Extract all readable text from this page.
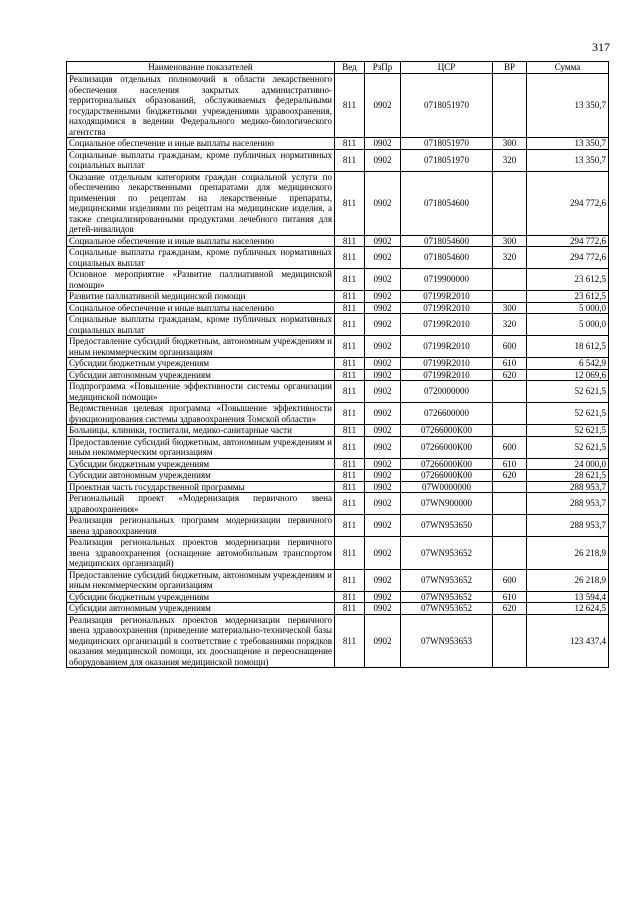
317
Наименование показателей	Вед	РзПр	ЦСР	ВР	Сумма
Реализация отдельных полномочий в области лекарственного обеспечения населения закрытых административно-территориальных образований, обслуживаемых федеральными государственными бюджетными учреждениями здравоохранения, находящимися в ведении Федерального медико-биологического агентства	811	0902	0718051970		13 350,7
Социальное обеспечение и иные выплаты населению	811	0902	0718051970	300	13 350,7
Социальные выплаты гражданам, кроме публичных нормативных социальных выплат	811	0902	0718051970	320	13 350,7
Оказание отдельным категориям граждан социальной услуги по обеспечению лекарственными препаратами для медицинского применения по рецептам на лекарственные препараты, медицинскими изделиями по рецептам на медицинские изделия, а также специализированными продуктами лечебного питания для детей-инвалидов	811	0902	0718054600		294 772,6
Социальное обеспечение и иные выплаты населению	811	0902	0718054600	300	294 772,6
Социальные выплаты гражданам, кроме публичных нормативных социальных выплат	811	0902	0718054600	320	294 772,6
Основное мероприятие «Развитие паллиативной медицинской помощи»	811	0902	0719900000		23 612,5
Развитие паллиативной медицинской помощи	811	0902	07199R2010		23 612,5
Социальное обеспечение и иные выплаты населению	811	0902	07199R2010	300	5 000,0
Социальные выплаты гражданам, кроме публичных нормативных социальных выплат	811	0902	07199R2010	320	5 000,0
Предоставление субсидий бюджетным, автономным учреждениям и иным некоммерческим организациям	811	0902	07199R2010	600	18 612,5
Субсидии бюджетным учреждениям	811	0902	07199R2010	610	6 542,9
Субсидии автономным учреждениям	811	0902	07199R2010	620	12 069,6
Подпрограмма «Повышение эффективности системы организации медицинской помощи»	811	0902	0720000000		52 621,5
Ведомственная целевая программа «Повышение эффективности функционирования системы здравоохранения Томской области»	811	0902	0726600000		52 621,5
Больницы, клиники, госпитали, медико-санитарные части	811	0902	07266000К00		52 621,5
Предоставление субсидий бюджетным, автономным учреждениям и иным некоммерческим организациям	811	0902	07266000К00	600	52 621,5
Субсидии бюджетным учреждениям	811	0902	07266000К00	610	24 000,0
Субсидии автономным учреждениям	811	0902	07266000К00	620	28 621,5
Проектная часть государственной программы	811	0902	07W0000000		288 953,7
Региональный проект «Модернизация первичного звена здравоохранения»	811	0902	07WN900000		288 953,7
Реализация региональных программ модернизации первичного звена здравоохранения	811	0902	07WN953650		288 953,7
Реализация региональных проектов модернизации первичного звена здравоохранения (оснащение автомобильным транспортом медицинских организаций)	811	0902	07WN953652		26 218,9
Предоставление субсидий бюджетным, автономным учреждениям и иным некоммерческим организациям	811	0902	07WN953652	600	26 218,9
Субсидии бюджетным учреждениям	811	0902	07WN953652	610	13 594,4
Субсидии автономным учреждениям	811	0902	07WN953652	620	12 624,5
Реализация региональных проектов модернизации первичного звена здравоохранения (приведение материально-технической базы медицинских организаций в соответствие с требованиями порядков оказания медицинской помощи, их дооснащение и переоснащение оборудованием для оказания медицинской помощи)	811	0902	07WN953653		123 437,4
